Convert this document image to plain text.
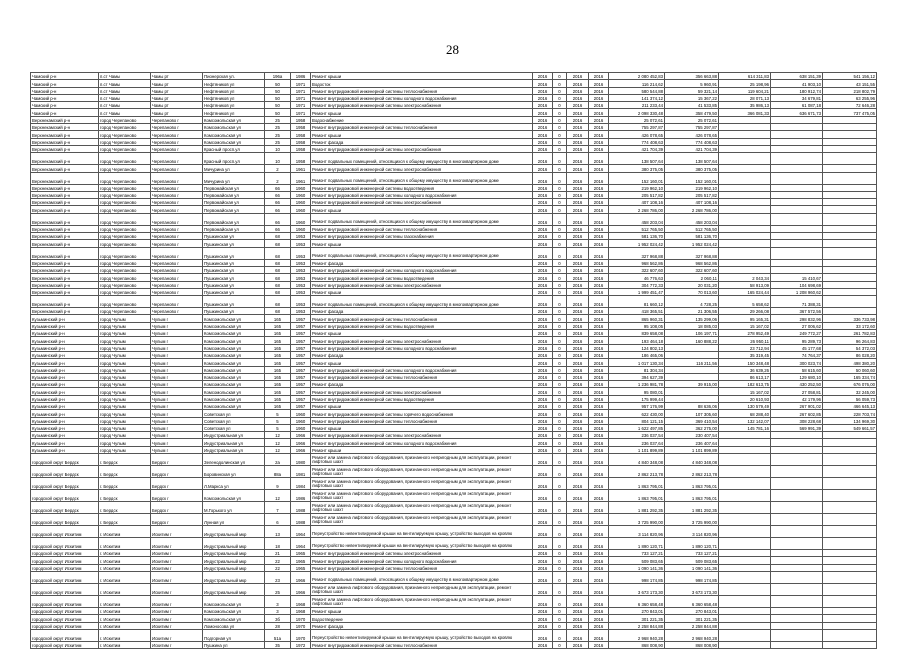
28
Чамский р-н	п.ст Чамы	Чамы рт	Пионерская ул.	196а	1986	Ремонт крыши	2016	0	2016	2016	2 080 452,83	356 663,88	614 311,83	638 151,39	541 156,12
Чамский р-н	п.ст Чамы	Чамы рт	Нефтяников ул	50	1971	Водосток	2016	0	2016	2016	116 214,62	5 960,91	25 198,96	41 903,10	43 151,55
Чамский р-н	п.ст Чамы	Чамы рт	Нефтяников ул	50	1971	Ремонт внутридомовой инженерной системы теплоснабжения	2016	0	2016	2016	580 544,88	59 321,14	119 604,21	180 912,74	218 802,79
Чамский р-н	п.ст Чамы	Чамы рт	Нефтяников ул	50	1971	Ремонт внутридомовой инженерной системы холодного водоснабжения	2016	0	2016	2016	141 374,12	15 367,22	28 071,13	34 679,81	63 255,96
Чамский р-н	п.ст Чамы	Чамы рт	Нефтяников ул	50	1971	Ремонт внутридомовой инженерной системы электроснабжения	2016	0	2016	2016	211 233,44	41 533,85	35 986,13	61 087,18	72 646,28
Чамский р-н	п.ст Чамы	Чамы рт	Нефтяников ул	50	1971	Ремонт крыши	2016	0	2016	2016	2 098 330,48	358 479,50	366 081,33	636 671,73	737 475,05
Верхнекамский р-н	город Черепаново	Черепаново г	Комсомольская ул	25	1958	Водоснабжение	2016	0	2016	2016	25 072,61	25 072,61			
Верхнекамский р-н	город Черепаново	Черепаново г	Комсомольская ул	25	1958	Ремонт внутридомовой инженерной системы теплоснабжения	2016	0	2016	2016	755 297,87	755 297,87			
Верхнекамский р-н	город Черепаново	Черепаново г	Комсомольская ул	25	1958	Ремонт крыши	2016	0	2016	2016	426 078,65	426 078,65			
Верхнекамский р-н	город Черепаново	Черепаново г	Комсомольская ул	25	1958	Ремонт фасада	2016	0	2016	2016	774 408,63	774 408,63			
Верхнекамский р-н	город Черепаново	Черепаново г	Красный просп.ул	10	1958	Ремонт внутридомовой инженерной системы электроснабжения	2016	0	2016	2016	421 704,39	421 704,39			
Верхнекамский р-н	город Черепаново	Черепаново г	Красный просп.ул	10	1958	Ремонт подвальных помещений, относящихся к общему имуществу в многоквартирном доме	2016	0	2016	2016	138 507,64	138 507,64			
Верхнекамский р-н	город Черепаново	Черепаново г	Мичурина ул	2	1961	Ремонт внутридомовой инженерной системы электроснабжения	2016	0	2016	2016	380 375,05	380 375,05			
Верхнекамский р-н	город Черепаново	Черепаново г	Мичурина ул	2	1961	Ремонт подвальных помещений, относящихся к общему имуществу в многоквартирном доме	2016	0	2016	2016	152 160,01	152 160,01			
Верхнекамский р-н	город Черепаново	Черепаново г	Первомайская ул	66	1960	Ремонт внутридомовой инженерной системы водоотведения	2016	0	2016	2016	219 962,10	219 962,10			
Верхнекамский р-н	город Черепаново	Черепаново г	Первомайская ул	66	1960	Ремонт внутридомовой инженерной системы холодного водоснабжения	2016	0	2016	2016	205 517,82	205 517,82			
Верхнекамский р-н	город Черепаново	Черепаново г	Первомайская ул	66	1960	Ремонт внутридомовой инженерной системы электроснабжения	2016	0	2016	2016	407 108,16	407 108,16			
Верхнекамский р-н	город Черепаново	Черепаново г	Первомайская ул	66	1960	Ремонт крыши	2016	0	2016	2016	2 268 786,00	2 268 786,00			
Верхнекамский р-н	город Черепаново	Черепаново г	Первомайская ул	66	1960	Ремонт подвальных помещений, относящихся к общему имуществу в многоквартирном доме	2016	0	2016	2016	458 203,04	458 203,04			
Верхнекамский р-н	город Черепаново	Черепаново г	Первомайская ул	66	1960	Ремонт внутридомовой инженерной системы теплоснабжения	2016	0	2016	2016	512 765,50	512 765,50			
Верхнекамский р-н	город Черепаново	Черепаново г	Пушкинская ул	68	1953	Ремонт внутридомовой инженерной системы газоснабжения	2016	0	2016	2016	581 136,70	581 136,70			
Верхнекамский р-н	город Черепаново	Черепаново г	Пушкинская ул	68	1953	Ремонт крыши	2016	0	2016	2016	1 952 024,42	1 952 024,42			
Верхнекамский р-н	город Черепаново	Черепаново г	Пушкинская ул	68	1953	Ремонт подвальных помещений, относящихся к общему имуществу в многоквартирном доме	2016	0	2016	2016	327 968,88	327 968,88			
Верхнекамский р-н	город Черепаново	Черепаново г	Пушкинская ул	68	1953	Ремонт фасада	2016	0	2016	2016	968 562,86	968 562,86			
Верхнекамский р-н	город Черепаново	Черепаново г	Пушкинская ул	68	1953	Ремонт внутридомовой инженерной системы холодного водоснабжения	2016	0	2016	2016	322 607,60	322 607,60			
Верхнекамский р-н	город Черепаново	Черепаново г	Пушкинская ул	68	1953	Ремонт внутридомовой инженерной системы водоотведения	2016	0	2016	2016	46 776,63	2 060,11	2 043,34	15 410,67	
Верхнекамский р-н	город Черепаново	Черепаново г	Пушкинская ул	68	1953	Ремонт внутридомовой инженерной системы электроснабжения	2016	0	2016	2016	304 772,33	20 031,20	58 913,09	104 698,69	
Верхнекамский р-н	город Черепаново	Черепаново г	Пушкинская ул	68	1953	Ремонт крыши	2016	0	2016	2016	1 999 451,47	70 013,60	165 024,44	1 208 960,62	
Верхнекамский р-н	город Черепаново	Черепаново г	Пушкинская ул	68	1953	Ремонт подвальных помещений, относящихся к общему имуществу в многоквартирном доме	2016	0	2016	2016	81 660,12	4 728,25	5 658,62	71 388,31	
Верхнекамский р-н	город Черепаново	Черепаново г	Пушкинская ул	68	1953	Ремонт фасада	2016	0	2016	2016	418 365,51	21 306,55	29 266,08	367 572,56	
Кузьминский р-н	город Чулым	Чулым г	Комсомольская ул	165	1957	Ремонт внутридомовой инженерной системы теплоснабжения	2016	0	2016	2016	865 960,31	135 299,06	95 165,31	298 832,96	336 733,98
Кузьминский р-н	город Чулым	Чулым г	Комсомольская ул	165	1957	Ремонт внутридомовой инженерной системы водоотведения	2016	0	2016	2016	95 108,05	18 085,03	15 167,02	27 006,62	33 172,60
Кузьминский р-н	город Чулым	Чулым г	Комсомольская ул	165	1957	Ремонт крыши	2016	0	2016	2016	839 658,08	106 197,71	278 952,49	249 772,27	261 782,83
Кузьминский р-н	город Чулым	Чулым г	Комсомольская ул	165	1957	Ремонт внутридомовой инженерной системы электроснабжения	2016	0	2016	2016	193 464,18	160 888,22	26 950,11	95 289,73	96 264,83
Кузьминский р-н	город Чулым	Чулым г	Комсомольская ул	165	1957	Ремонт внутридомовой инженерной системы холодного водоснабжения	2016	0	2016	2016	124 802,13		23 712,94	45 177,68	54 372,03
Кузьминский р-н	город Чулым	Чулым г	Комсомольская ул	165	1957	Ремонт фасада	2016	0	2016	2016	186 465,06		35 319,45	74 764,37	86 028,20
Кузьминский р-н	город Чулым	Чулым г	Комсомольская ул	165	1957	Ремонт крыши	2016	0	2016	2016	1 017 130,34	116 211,56	150 348,48	300 023,74	498 380,20
Кузьминский р-н	город Чулым	Чулым г	Комсомольская ул	165	1957	Ремонт внутридомовой инженерной системы холодного водоснабжения	2016	0	2016	2016	81 304,34		36 639,26	58 615,60	50 060,60
Кузьминский р-н	город Чулым	Чулым г	Комсомольская ул	165	1957	Ремонт внутридомовой инженерной системы теплоснабжения	2016	0	2016	2016	394 627,39		86 613,17	129 680,10	165 334,74
Кузьминский р-н	город Чулым	Чулым г	Комсомольская ул	165	1957	Ремонт фасада	2016	0	2016	2016	1 236 981,78	39 915,00	182 613,75	430 252,50	676 076,00
Кузьминский р-н	город Чулым	Чулым г	Комсомольская ул	165	1957	Ремонт внутридомовой инженерной системы электроснабжения	2016	0	2016	2016	95 080,01		15 167,02	27 058,81	32 245,00
Кузьминский р-н	город Чулым	Чулым г	Комсомольская ул	165	1957	Ремонт внутридомовой инженерной системы водоотведения	2016	0	2016	2016	175 999,44		20 610,93	42 179,96	56 059,73
Кузьминский р-н	город Чулым	Чулым г	Комсомольская ул	165	1957	Ремонт крыши	2016	0	2016	2016	957 176,99	88 636,06	130 579,49	267 901,02	466 645,13
Кузьминский р-н	город Чулым	Чулым г	Советская ул	5	1960	Ремонт внутридомовой инженерной системы горячего водоснабжения	2016	0	2016	2016	622 430,00	107 305,60	68 288,40	267 602,85	228 703,74
Кузьминский р-н	город Чулым	Чулым г	Советская ул	5	1960	Ремонт внутридомовой инженерной системы теплоснабжения	2016	0	2016	2016	804 121,15	369 410,54	132 142,07	308 228,68	134 969,30
Кузьминский р-н	город Чулым	Чулым г	Советская ул	5	1960	Ремонт крыши	2016	0	2016	2016	1 622 497,85	362 275,00	145 781,16	569 991,39	549 661,57
Кузьминский р-н	город Чулым	Чулым г	Индустриальная ул	12	1966	Ремонт внутридомовой инженерной системы электроснабжения	2016	0	2016	2016	236 037,54	230 407,54			
Кузьминский р-н	город Чулым	Чулым г	Индустриальная ул	12	1966	Ремонт внутридомовой инженерной системы холодного водоснабжения	2016	0	2016	2016	236 037,64	236 407,64			
Кузьминский р-н	город Чулым	Чулым г	Индустриальная ул	12	1966	Ремонт крыши	2016	0	2016	2016	1 101 899,89	1 101 899,89			
городской округ Бердск	г. Бердск	Бердск г	Зеленодолинская ул	2а	1980	Ремонт или замена лифтового оборудования, признанного непригодным для эксплуатации, ремонт лифтовых шахт	2016	0	2016	2016	4 840 348,08	4 840 348,08			
городской округ Бердск	г. Бердск	Бердск г	Боровинская ул	88а	1981	Ремонт или замена лифтового оборудования, признанного непригодным для эксплуатации, ремонт лифтовых шахт	2016	0	2016	2016	2 862 213,78	2 862 213,78			
городской округ Бердск	г. Бердск	Бердск г	Л.Маркса ул	9	1984	Ремонт или замена лифтового оборудования, признанного непригодным для эксплуатации, ремонт лифтовых шахт	2016	0	2016	2016	1 863 795,01	1 863 795,01			
городской округ Бердск	г. Бердск	Бердск г	Комсомольская ул	12	1986	Ремонт или замена лифтового оборудования, признанного непригодным для эксплуатации, ремонт лифтовых шахт	2016	0	2016	2016	1 863 795,01	1 863 795,01			
городской округ Бердск	г. Бердск	Бердск г	М.Горького ул	7	1988	Ремонт или замена лифтового оборудования, признанного непригодным для эксплуатации, ремонт лифтовых шахт	2016	0	2016	2016	1 881 292,35	1 881 292,35			
городской округ Бердск	г. Бердск	Бердск г	Лунная ул	6	1988	Ремонт или замена лифтового оборудования, признанного непригодным для эксплуатации, ремонт лифтовых шахт	2016	0	2016	2016	3 725 990,00	3 725 990,00			
городской округ Искитим	г. Искитим	Искитим г	Индустриальный мкр	13	1964	Переустройство невентилируемой крыши на вентилируемую крышу, устройство выходов на кровлю	2016	0	2016	2016	3 114 820,96	3 114 820,96			
городской округ Искитим	г. Искитим	Искитим г	Индустриальный мкр	18	1964	Переустройство невентилируемой крыши на вентилируемую крышу, устройство выходов на кровлю	2016	0	2016	2016	1 890 120,71	1 890 120,71			
городской округ Искитим	г. Искитим	Искитим г	Индустриальный мкр	21	1965	Ремонт внутридомовой инженерной системы электроснабжения	2016	0	2016	2016	733 127,21	733 127,21			
городской округ Искитим	г. Искитим	Искитим г	Индустриальный мкр	22	1965	Ремонт внутридомовой инженерной системы холодного водоснабжения	2016	0	2016	2016	509 083,65	509 083,65			
городской округ Искитим	г. Искитим	Искитим г	Индустриальный мкр	22	1965	Ремонт внутридомовой инженерной системы теплоснабжения	2016	0	2016	2016	1 090 141,36	1 090 141,36			
городской округ Искитим	г. Искитим	Искитим г	Индустриальный мкр	23	1966	Ремонт подвальных помещений, относящихся к общему имуществу в многоквартирном доме	2016	0	2016	2016	998 174,85	998 174,85			
городской округ Искитим	г. Искитим	Искитим г	Индустриальный мкр	25	1966	Ремонт или замена лифтового оборудования, признанного непригодным для эксплуатации, ремонт лифтовых шахт	2016	0	2016	2016	3 673 173,30	3 673 173,30			
городской округ Искитим	г. Искитим	Искитим г	Комсомольская ул	3	1968	Ремонт или замена лифтового оборудования, признанного непригодным для эксплуатации, ремонт лифтовых шахт	2016	0	2016	2016	6 360 658,48	6 360 658,48			
городской округ Искитим	г. Искитим	Искитим г	Комсомольская ул	3	1968	Ремонт крыши	2016	0	2016	2016	270 843,01	270 843,01			
городской округ Искитим	г. Искитим	Искитим г	Комсомольская ул	3б	1970	Водоотведение	2016	0	2016	2016	301 221,35	301 221,35			
городской округ Искитим	г. Искитим	Искитим г	Ломоносова ул	28	1970	Ремонт фасада	2016	0	2016	2016	2 258 844,88	2 258 844,88			
городской округ Искитим	г. Искитим	Искитим г	Подгорная ул	51а	1970	Переустройство невентилируемой крыши на вентилируемую крышу, устройство выходов на кровлю	2016	0	2016	2016	2 968 940,28	2 968 940,28			
городской округ Искитим	г. Искитим	Искитим г	Пушкина ул	35	1972	Ремонт внутридомовой инженерной системы теплоснабжения	2016	0	2016	2016	868 008,90	868 008,90			
